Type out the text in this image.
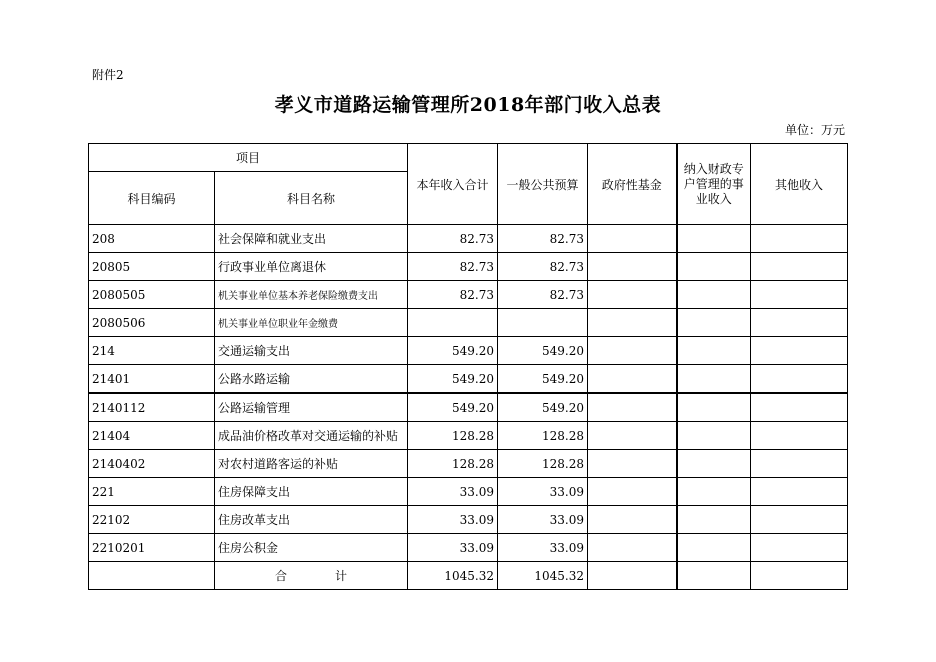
附件2
孝义市道路运输管理所2018年部门收入总表
单位：万元
项目		本年收入合计	一般公共预算	政府性基金	纳入财政专户管理的事业收入	其他收入
科目编码	科目名称					
208	社会保障和就业支出	82.73	82.73			
20805	行政事业单位离退休	82.73	82.73			
2080505	机关事业单位基本养老保险缴费支出	82.73	82.73			
2080506	机关事业单位职业年金缴费					
214	交通运输支出	549.20	549.20			
21401	公路水路运输	549.20	549.20			
2140112	公路运输管理	549.20	549.20			
21404	成品油价格改革对交通运输的补贴	128.28	128.28			
2140402	对农村道路客运的补贴	128.28	128.28			
221	住房保障支出	33.09	33.09			
22102	住房改革支出	33.09	33.09			
2210201	住房公积金	33.09	33.09			
	合　　　　计	1045.32	1045.32			
